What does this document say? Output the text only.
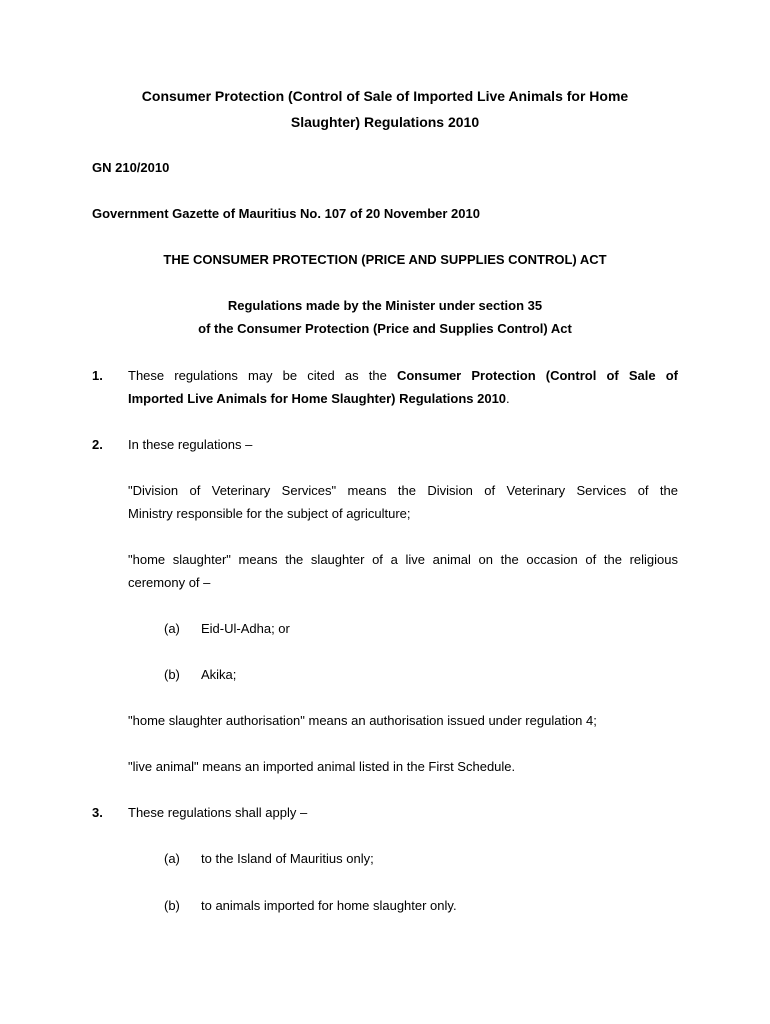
Consumer Protection (Control of Sale of Imported Live Animals for Home
Slaughter) Regulations 2010
GN 210/2010
Government Gazette of Mauritius No. 107 of 20 November 2010
THE CONSUMER PROTECTION (PRICE AND SUPPLIES CONTROL) ACT
Regulations made by the Minister under section 35
of the Consumer Protection (Price and Supplies Control) Act
1. These regulations may be cited as the Consumer Protection (Control of Sale of
Imported Live Animals for Home Slaughter) Regulations 2010.
2. In these regulations –
"Division of Veterinary Services" means the Division of Veterinary Services of the
Ministry responsible for the subject of agriculture;
"home slaughter" means the slaughter of a live animal on the occasion of the religious
ceremony of –
(a) Eid-Ul-Adha; or
(b) Akika;
"home slaughter authorisation" means an authorisation issued under regulation 4;
"live animal" means an imported animal listed in the First Schedule.
3. These regulations shall apply –
(a) to the Island of Mauritius only;
(b) to animals imported for home slaughter only.
